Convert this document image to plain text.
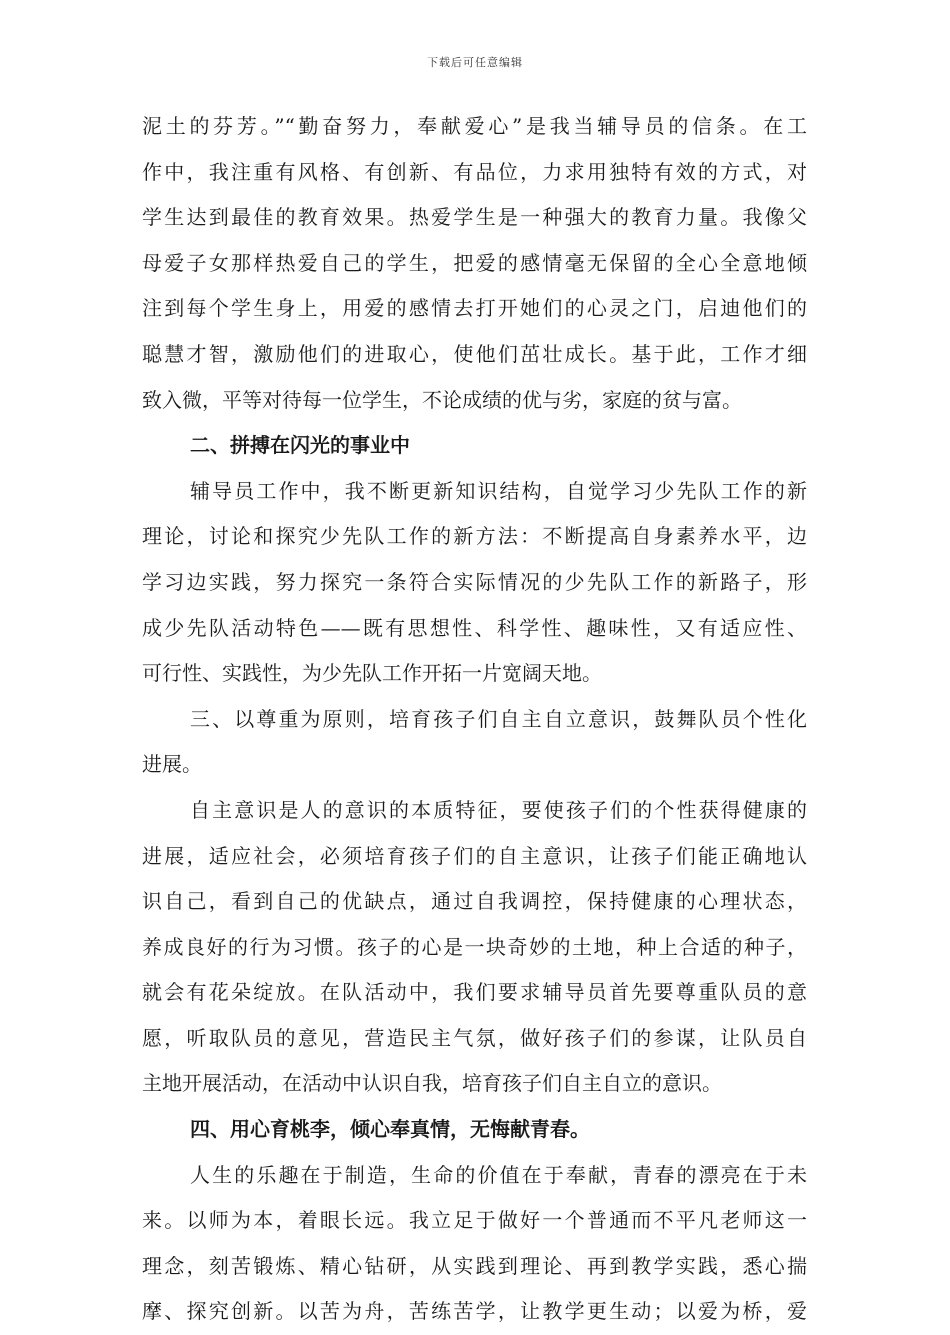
下载后可任意编辑
泥土的芬芳。”“勤奋努力，奉献爱心”是我当辅导员的信条。在工
作中，我注重有风格、有创新、有品位，力求用独特有效的方式，对
学生达到最佳的教育效果。热爱学生是一种强大的教育力量。我像父
母爱子女那样热爱自己的学生，把爱的感情毫无保留的全心全意地倾
注到每个学生身上，用爱的感情去打开她们的心灵之门，启迪他们的
聪慧才智，激励他们的进取心，使他们茁壮成长。基于此，工作才细
致入微，平等对待每一位学生，不论成绩的优与劣，家庭的贫与富。
二、拼搏在闪光的事业中
辅导员工作中，我不断更新知识结构，自觉学习少先队工作的新
理论，讨论和探究少先队工作的新方法：不断提高自身素养水平，边
学习边实践，努力探究一条符合实际情况的少先队工作的新路子，形
成少先队活动特色——既有思想性、科学性、趣味性，又有适应性、
可行性、实践性，为少先队工作开拓一片宽阔天地。
三、以尊重为原则，培育孩子们自主自立意识，鼓舞队员个性化
进展。
自主意识是人的意识的本质特征，要使孩子们的个性获得健康的
进展，适应社会，必须培育孩子们的自主意识，让孩子们能正确地认
识自己，看到自己的优缺点，通过自我调控，保持健康的心理状态，
养成良好的行为习惯。孩子的心是一块奇妙的土地，种上合适的种子，
就会有花朵绽放。在队活动中，我们要求辅导员首先要尊重队员的意
愿，听取队员的意见，营造民主气氛，做好孩子们的参谋，让队员自
主地开展活动，在活动中认识自我，培育孩子们自主自立的意识。
四、用心育桃李，倾心奉真情，无悔献青春。
人生的乐趣在于制造，生命的价值在于奉献，青春的漂亮在于未
来。以师为本，着眼长远。我立足于做好一个普通而不平凡老师这一
理念，刻苦锻炼、精心钻研，从实践到理论、再到教学实践，悉心揣
摩、探究创新。以苦为舟，苦练苦学，让教学更生动；以爱为桥，爱
